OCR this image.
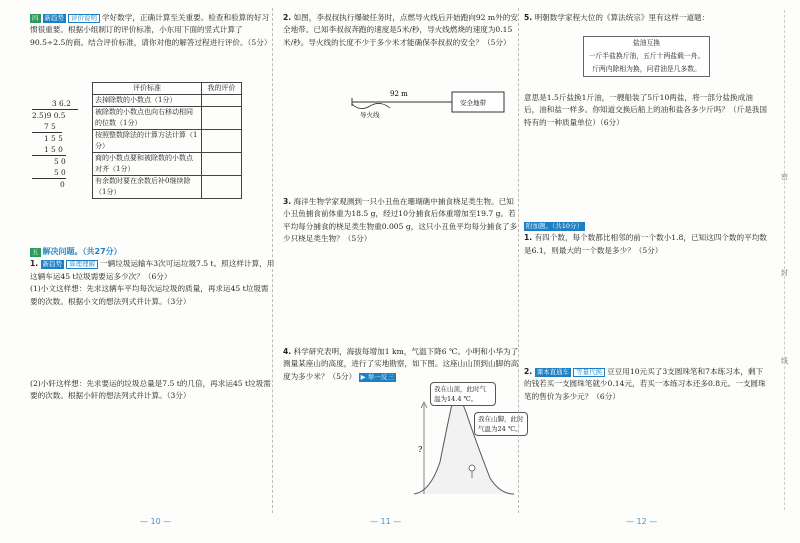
四 新趋势 评价说明 学好数学，正确计算至关重要。检查和验算的好习惯很重要。根据小组制订的评价标准，小东用下面的竖式计算了90.5÷2.5的商。结合评价标准，请你对他的解答过程进行评价。（5分）

3 6.2
2.5)9 0.5
7 5
1 5 5
1 5 0
5 0
5 0
0
评价标准	我的评价
去掉除数的小数点（1分）	
被除数的小数点也向右移动相同的位数（1分）	
按照整数除法的计算方法计算（1分）	
商的小数点要和被除数的小数点对齐（1分）	
有余数时要在余数后补0继续除（1分）	

五 解决问题。（共27分）

1. 新趋势 算理理解 一辆垃圾运输车3次可运垃圾7.5 t。照这样计算，用这辆车运45 t垃圾需要运多少次？（6分）

(1)小文这样想：先求这辆车平均每次运垃圾的质量，再求运45 t垃圾需要的次数。根据小文的想法列式并计算。（3分）

(2)小轩这样想：先求要运的垃圾总量是7.5 t的几倍，再求运45 t垃圾需要的次数。根据小轩的想法列式并计算。（3分）

— 10 —

2. 如图，李叔叔执行爆破任务时，点燃导火线后开始跑向92 m外的安全地带。已知李叔叔奔跑的速度是5米/秒，导火线燃烧的速度为0.15米/秒。导火线的长度不少于多少米才能确保李叔叔的安全？（5分）

92 m
安全地带
导火线

3. 海洋生物学家观测到一只小丑鱼在珊瑚礁中捕食桡足类生物。已知小丑鱼捕食前体重为18.5 g，经过10分捕食后体重增加至19.7 g。若平均每分捕食的桡足类生物重0.005 g，这只小丑鱼平均每分捕食了多少只桡足类生物？（5分）

4. 科学研究表明，海拔每增加1 km，气温下降6 ℃。小明和小华为了测量某座山的高度，进行了实地勘察，如下图。这座山山顶到山脚的高度为多少米？（5分） ▶ 举一反三

?
我在山顶，此时气温为14.4 ℃。
我在山脚，此时气温为24 ℃。
— 11 —

5. 明朝数学家程大位的《算法统宗》里有这样一道题：

盐油互换
一斤半盐换斤油，五斤十两盐载一舟。
斤两内除相为换，问君油是几多数。

意思是1.5斤盐换1斤油，一艘船装了5斤10两盐，将一部分盐换成油后，油和盐一样多。你知道交换后船上的油和盐各多少斤吗？（斤是我国特有的一种质量单位）（6分）

附加题。（共10分）

1. 有四个数，每个数都比相邻的前一个数小1.8，已知这四个数的平均数是6.1，则最大的一个数是多少？（5分）

2. 课本直通车 等量代换 豆豆用10元买了3支圆珠笔和7本练习本，剩下的钱若买一支圆珠笔就少0.14元，若买一本练习本还多0.8元。一支圆珠笔的售价为多少元？（6分）

— 12 —
密
封
线
